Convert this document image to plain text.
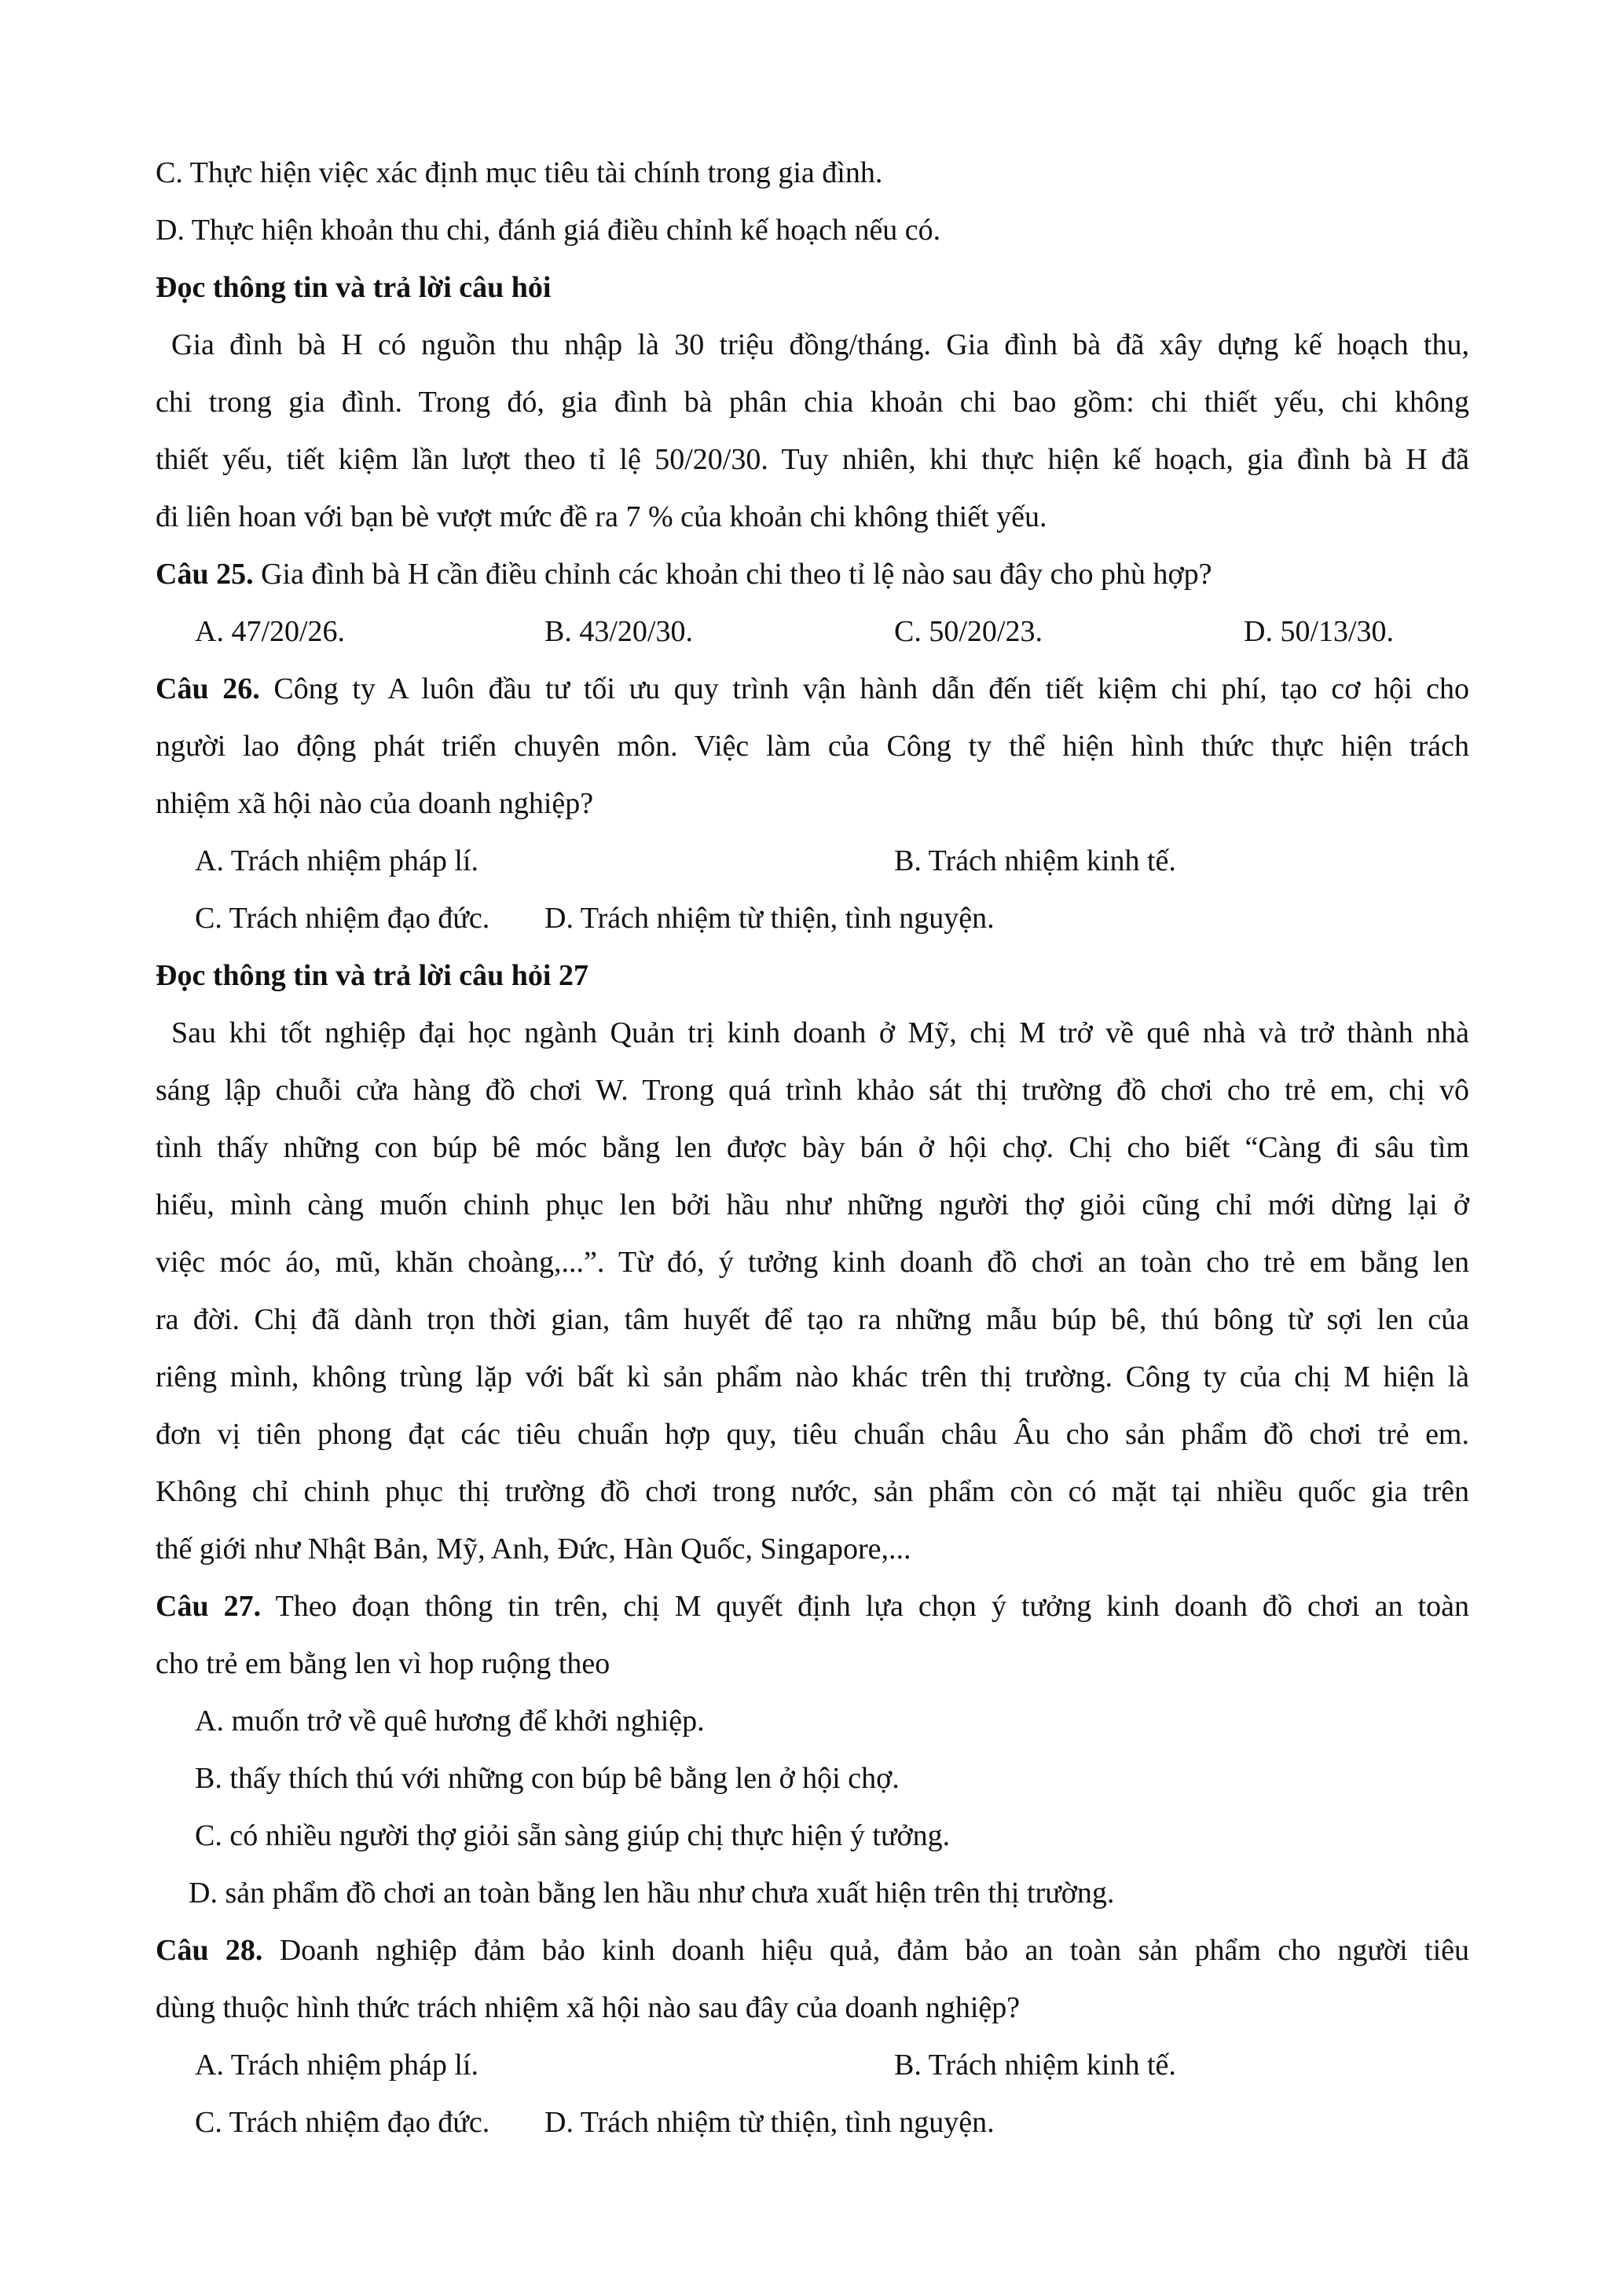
C. Thực hiện việc xác định mục tiêu tài chính trong gia đình.
D. Thực hiện khoản thu chi, đánh giá điều chỉnh kế hoạch nếu có.
Đọc thông tin và trả lời câu hỏi
Gia đình bà H có nguồn thu nhập là 30 triệu đồng/tháng. Gia đình bà đã xây dựng kế hoạch thu,
chi trong gia đình. Trong đó, gia đình bà phân chia khoản chi bao gồm: chi thiết yếu, chi không
thiết yếu, tiết kiệm lần lượt theo tỉ lệ 50/20/30. Tuy nhiên, khi thực hiện kế hoạch, gia đình bà H đã
đi liên hoan với bạn bè vượt mức đề ra 7 % của khoản chi không thiết yếu.
Câu 25. Gia đình bà H cần điều chỉnh các khoản chi theo tỉ lệ nào sau đây cho phù hợp?
A. 47/20/26.	B. 43/20/30.	C. 50/20/23.	D. 50/13/30.
Câu 26. Công ty A luôn đầu tư tối ưu quy trình vận hành dẫn đến tiết kiệm chi phí, tạo cơ hội cho
người lao động phát triển chuyên môn. Việc làm của Công ty thể hiện hình thức thực hiện trách
nhiệm xã hội nào của doanh nghiệp?
A. Trách nhiệm pháp lí.	B. Trách nhiệm kinh tế.
C. Trách nhiệm đạo đức. D. Trách nhiệm từ thiện, tình nguyện.
Đọc thông tin và trả lời câu hỏi 27
Sau khi tốt nghiệp đại học ngành Quản trị kinh doanh ở Mỹ, chị M trở về quê nhà và trở thành nhà
sáng lập chuỗi cửa hàng đồ chơi W. Trong quá trình khảo sát thị trường đồ chơi cho trẻ em, chị vô
tình thấy những con búp bê móc bằng len được bày bán ở hội chợ. Chị cho biết “Càng đi sâu tìm
hiểu, mình càng muốn chinh phục len bởi hầu như những người thợ giỏi cũng chỉ mới dừng lại ở
việc móc áo, mũ, khăn choàng,...”. Từ đó, ý tưởng kinh doanh đồ chơi an toàn cho trẻ em bằng len
ra đời. Chị đã dành trọn thời gian, tâm huyết để tạo ra những mẫu búp bê, thú bông từ sợi len của
riêng mình, không trùng lặp với bất kì sản phẩm nào khác trên thị trường. Công ty của chị M hiện là
đơn vị tiên phong đạt các tiêu chuẩn hợp quy, tiêu chuẩn châu Âu cho sản phẩm đồ chơi trẻ em.
Không chỉ chinh phục thị trường đồ chơi trong nước, sản phẩm còn có mặt tại nhiều quốc gia trên
thế giới như Nhật Bản, Mỹ, Anh, Đức, Hàn Quốc, Singapore,...
Câu 27. Theo đoạn thông tin trên, chị M quyết định lựa chọn ý tưởng kinh doanh đồ chơi an toàn
cho trẻ em bằng len vì hop ruộng theo
A. muốn trở về quê hương để khởi nghiệp.
B. thấy thích thú với những con búp bê bằng len ở hội chợ.
C. có nhiều người thợ giỏi sẵn sàng giúp chị thực hiện ý tưởng.
D. sản phẩm đồ chơi an toàn bằng len hầu như chưa xuất hiện trên thị trường.
Câu 28. Doanh nghiệp đảm bảo kinh doanh hiệu quả, đảm bảo an toàn sản phẩm cho người tiêu
dùng thuộc hình thức trách nhiệm xã hội nào sau đây của doanh nghiệp?
A. Trách nhiệm pháp lí.	B. Trách nhiệm kinh tế.
C. Trách nhiệm đạo đức. D. Trách nhiệm từ thiện, tình nguyện.
